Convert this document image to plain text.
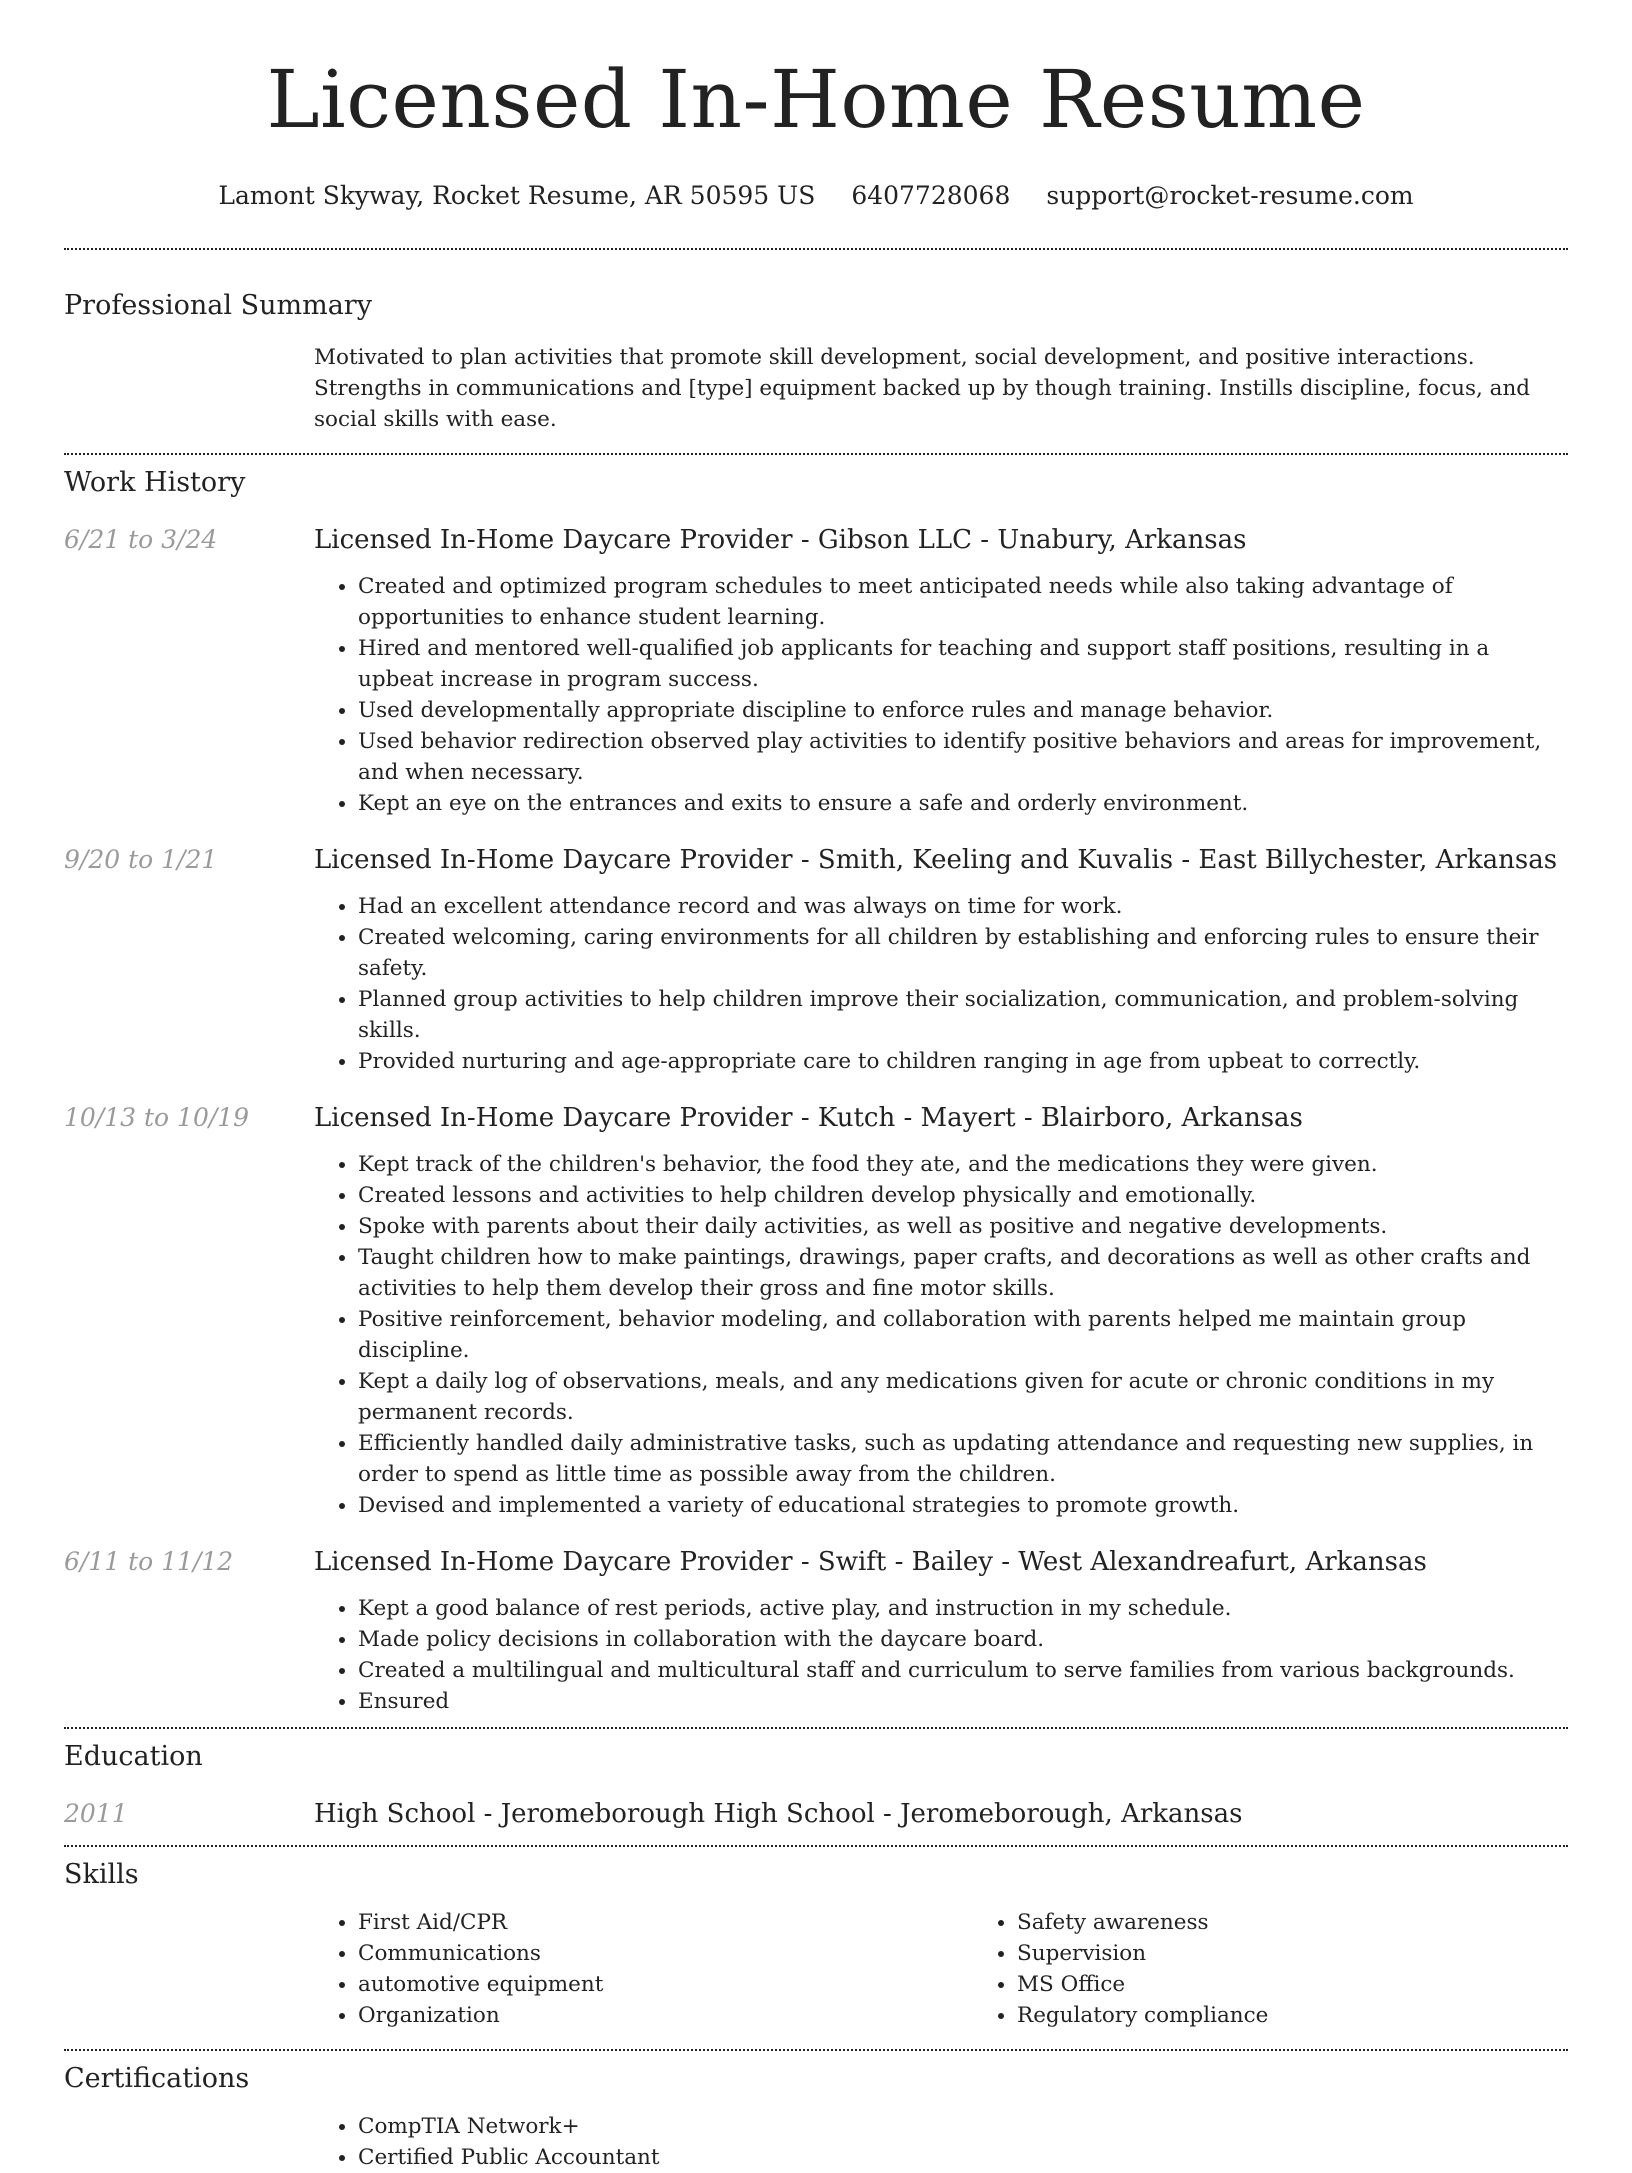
Licensed In-Home Resume
Lamont Skyway, Rocket Resume, AR 50595 US 6407728068 support@rocket-resume.com
Professional Summary
Motivated to plan activities that promote skill development, social development, and positive interactions. Strengths in communications and [type] equipment backed up by though training. Instills discipline, focus, and social skills with ease.
Work History
6/21 to 3/24	Licensed In-Home Daycare Provider - Gibson LLC - Unabury, Arkansas
• Created and optimized program schedules to meet anticipated needs while also taking advantage of opportunities to enhance student learning.
• Hired and mentored well-qualified job applicants for teaching and support staff positions, resulting in a upbeat increase in program success.
• Used developmentally appropriate discipline to enforce rules and manage behavior.
• Used behavior redirection observed play activities to identify positive behaviors and areas for improvement, and when necessary.
• Kept an eye on the entrances and exits to ensure a safe and orderly environment.
9/20 to 1/21	Licensed In-Home Daycare Provider - Smith, Keeling and Kuvalis - East Billychester, Arkansas
• Had an excellent attendance record and was always on time for work.
• Created welcoming, caring environments for all children by establishing and enforcing rules to ensure their safety.
• Planned group activities to help children improve their socialization, communication, and problem-solving skills.
• Provided nurturing and age-appropriate care to children ranging in age from upbeat to correctly.
10/13 to 10/19	Licensed In-Home Daycare Provider - Kutch - Mayert - Blairboro, Arkansas
• Kept track of the children's behavior, the food they ate, and the medications they were given.
• Created lessons and activities to help children develop physically and emotionally.
• Spoke with parents about their daily activities, as well as positive and negative developments.
• Taught children how to make paintings, drawings, paper crafts, and decorations as well as other crafts and activities to help them develop their gross and fine motor skills.
• Positive reinforcement, behavior modeling, and collaboration with parents helped me maintain group discipline.
• Kept a daily log of observations, meals, and any medications given for acute or chronic conditions in my permanent records.
• Efficiently handled daily administrative tasks, such as updating attendance and requesting new supplies, in order to spend as little time as possible away from the children.
• Devised and implemented a variety of educational strategies to promote growth.
6/11 to 11/12	Licensed In-Home Daycare Provider - Swift - Bailey - West Alexandreafurt, Arkansas
• Kept a good balance of rest periods, active play, and instruction in my schedule.
• Made policy decisions in collaboration with the daycare board.
• Created a multilingual and multicultural staff and curriculum to serve families from various backgrounds.
• Ensured
Education
2011	High School - Jeromeborough High School - Jeromeborough, Arkansas
Skills
• First Aid/CPR
• Communications
• automotive equipment
• Organization
• Safety awareness
• Supervision
• MS Office
• Regulatory compliance
Certifications
• CompTIA Network+
• Certified Public Accountant
